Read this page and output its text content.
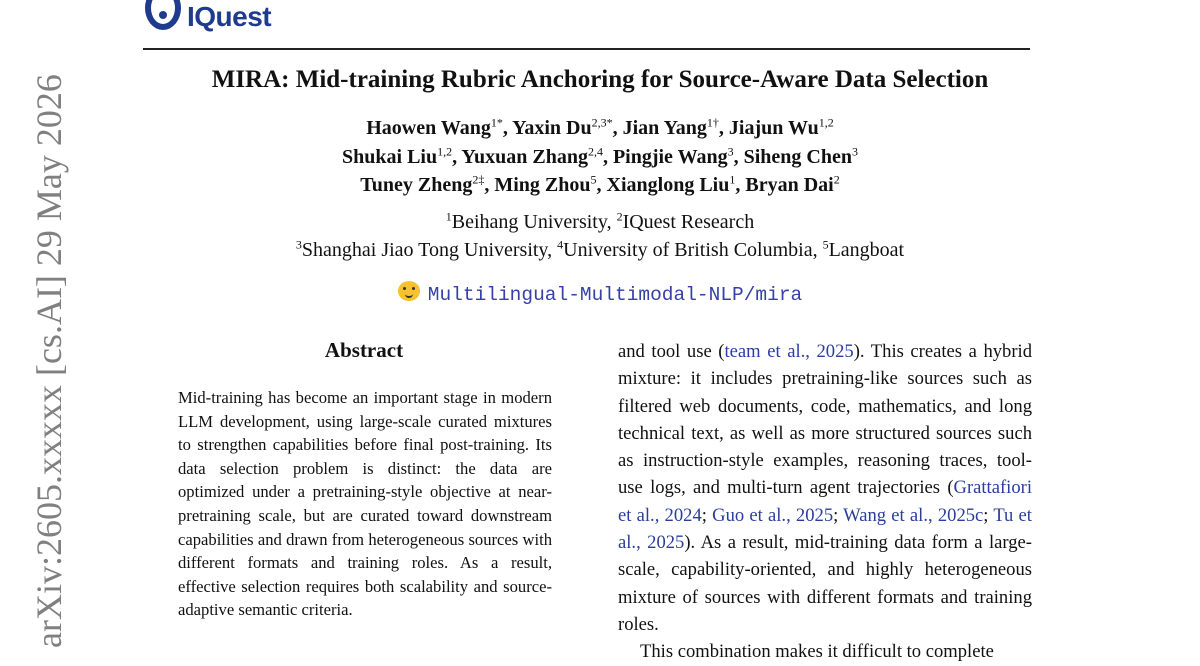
IQuest
MIRA: Mid-training Rubric Anchoring for Source-Aware Data Selection
Haowen Wang$^{1*}$, Yaxin $Du^{2,3*}$, Jian Yang$^{1\dagger}$, Jiajun Wu$^{1,2}$
Shukai Liu$^{1,2}$, Yuxuan Zhang$^{2,4}$, Pingjie Wang$^3$, Siheng Chen$^3$
Tuney Zheng$^{2\ddagger}$, Ming Zhou$^5$, Xianglong Liu$^1$, Bryan Dai$^2$
$^1$Beihang University, $^2$IQuest Research
$^3$Shanghai Jiao Tong University, $^4$University of British Columbia, $^5$Langboat
Multilingual-Multimodal-NLP/mira
Abstract

Mid-training has become an important stage in modern LLM development, using large-scale curated mixtures to strengthen capabilities before final post-training. Its data selection problem is distinct: the data are optimized under a pretraining-style objective at near-pretraining scale, but are curated toward downstream capabilities and drawn from heterogeneous sources with different formats and training roles. As a result, effective selection requires both scalability and source-adaptive semantic criteria.

and tool use (team et al., 2025). This creates a hybrid mixture: it includes pretraining-like sources such as filtered web documents, code, mathematics, and long technical text, as well as more structured sources such as instruction-style examples, reasoning traces, tool-use logs, and multi-turn agent trajectories (Grattafiori et al., 2024; Guo et al., 2025; Wang et al., 2025c; Tu et al., 2025). As a result, mid-training data form a large-scale, capability-oriented, and highly heterogeneous mixture of sources with different formats and training roles.

This combination makes it difficult to complete

arXiv:2605.xxxxx [cs.AI] 29 May 2026
